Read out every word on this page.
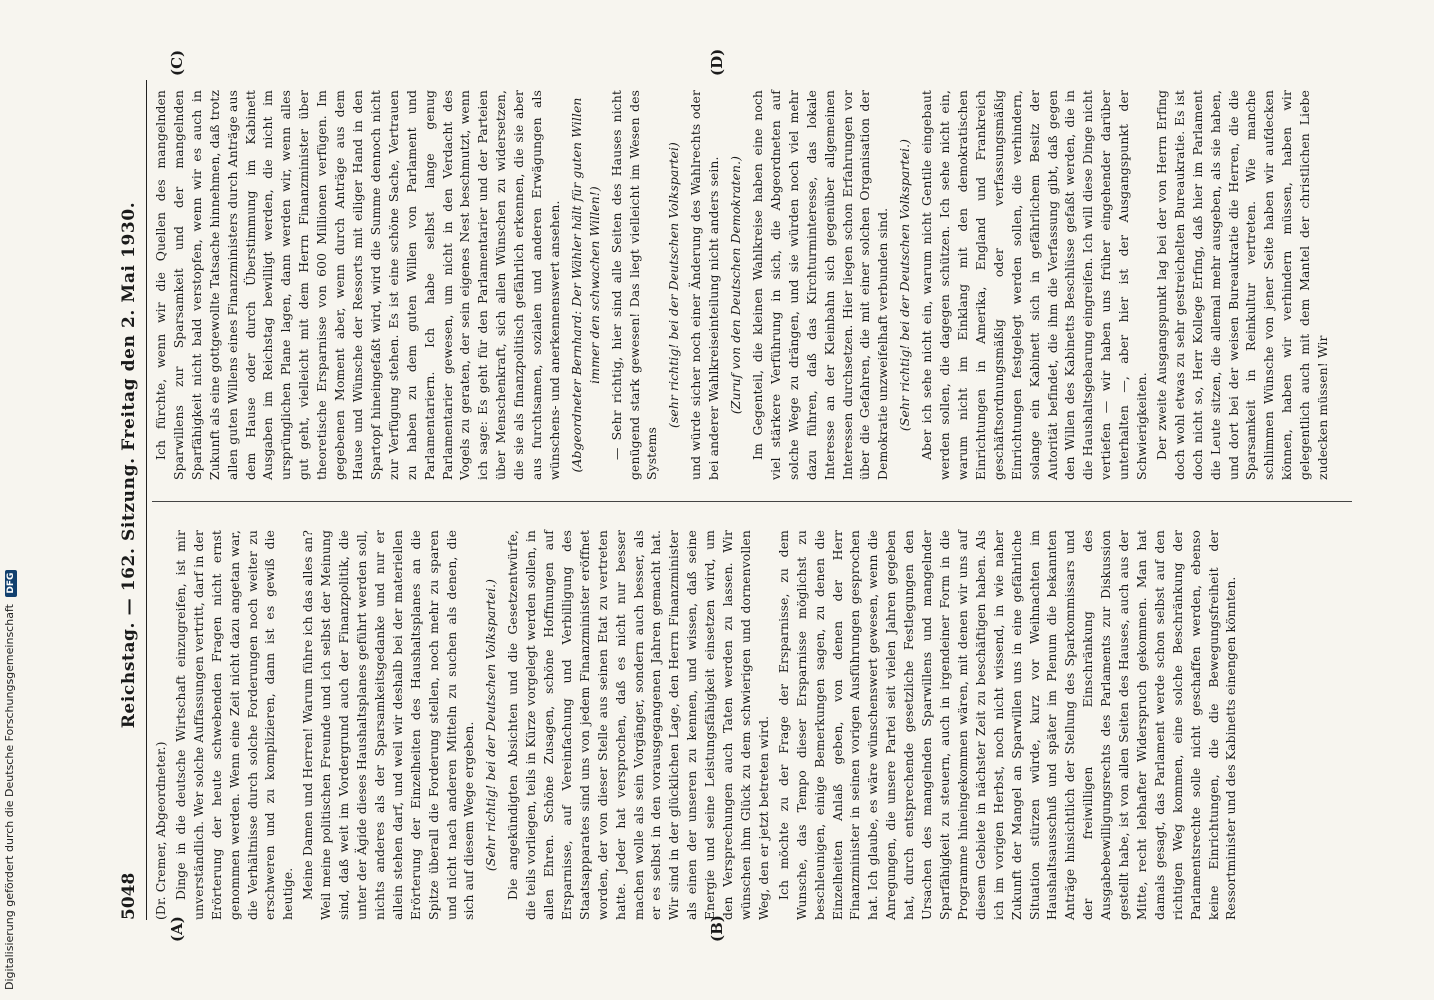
5048
Reichstag. — 162. Sitzung. Freitag den 2. Mai 1930.
(A)	(B)
(C)	(D)

(Dr. Cremer, Abgeordneter.) Dinge in die deutsche Wirtschaft einzugreifen, ist mir unverständlich. Wer solche Auffassungen vertritt, darf in der Erörterung der heute schwebenden Fragen nicht ernst genommen werden. Wenn eine Zeit nicht dazu angetan war, die Verhältnisse durch solche Forderungen noch weiter zu erschweren und zu komplizieren, dann ist es gewiß die heutige. Meine Damen und Herren! Warum führe ich das alles an? Weil meine politischen Freunde und ich selbst der Meinung sind, daß weit im Vordergrund auch der Finanzpolitik, die unter der Ägide dieses Haushaltsplanes geführt werden soll, nichts anderes als der Sparsamkeitsgedanke und nur er allein stehen darf, und weil wir deshalb bei der materiellen Erörterung der Einzelheiten des Haushaltsplanes an die Spitze überall die Forderung stellen, noch mehr zu sparen und nicht nach anderen Mitteln zu suchen als denen, die sich auf diesem Wege ergeben. (Sehr richtig! bei der Deutschen Volkspartei.) Die angekündigten Absichten und die Gesetzentwürfe, die teils vorliegen, teils in Kürze vorgelegt werden sollen, in allen Ehren. Schöne Zusagen, schöne Hoffnungen auf Ersparnisse, auf Vereinfachung und Verbilligung des Staatsapparates sind uns von jedem Finanzminister eröffnet worden, der von dieser Stelle aus seinen Etat zu vertreten hatte. Jeder hat versprochen, daß es nicht nur besser machen wolle als sein Vorgänger, sondern auch besser, als er es selbst in den vorausgegangenen Jahren gemacht hat. Wir sind in der glücklichen Lage, den Herrn Finanzminister als einen der unseren zu kennen, und wissen, daß seine Energie und seine Leistungsfähigkeit einsetzen wird, um den Versprechungen auch Taten werden zu lassen. Wir wünschen ihm Glück zu dem schwierigen und dornenvollen Weg, den er jetzt betreten wird. Ich möchte zu der Frage der Ersparnisse, zu dem Wunsche, das Tempo dieser Ersparnisse möglichst zu beschleunigen, einige Bemerkungen sagen, zu denen die Einzelheiten Anlaß geben, von denen der Herr Finanzminister in seinen vorigen Ausführungen gesprochen hat. Ich glaube, es wäre wünschenswert gewesen, wenn die Anregungen, die unsere Partei seit vielen Jahren gegeben hat, durch entsprechende gesetzliche Festlegungen den Ursachen des mangelnden Sparwillens und mangelnder Sparfähigkeit zu steuern, auch in irgendeiner Form in die Programme hineingekommen wären, mit denen wir uns auf diesem Gebiete in nächster Zeit zu beschäftigen haben. Als ich im vorigen Herbst, noch nicht wissend, in wie naher Zukunft der Mangel an Sparwillen uns in eine gefährliche Situation stürzen würde, kurz vor Weihnachten im Haushaltsausschuß und später im Plenum die bekannten Anträge hinsichtlich der Stellung des Sparkommissars und der freiwilligen Einschränkung des Ausgabebewilligungsrechts des Parlaments zur Diskussion gestellt habe, ist von allen Seiten des Hauses, auch aus der Mitte, recht lebhafter Widerspruch gekommen. Man hat damals gesagt, das Parlament werde schon selbst auf den richtigen Weg kommen, eine solche Beschränkung der Parlamentsrechte solle nicht geschaffen werden, ebenso keine Einrichtungen, die die Bewegungsfreiheit der Ressortminister und des Kabinetts einengen könnten.

Ich fürchte, wenn wir die Quellen des mangelnden Sparwillens zur Sparsamkeit und der mangelnden Sparfähigkeit nicht bald verstopfen, wenn wir es auch in Zukunft als eine gottgewollte Tatsache hinnehmen, daß trotz allen guten Willens eines Finanzministers durch Anträge aus dem Hause oder durch Überstimmung im Kabinett Ausgaben im Reichstag bewilligt werden, die nicht im ursprünglichen Plane lagen, dann werden wir, wenn alles gut geht, vielleicht mit dem Herrn Finanzminister über theoretische Ersparnisse von 600 Millionen verfügen. Im gegebenen Moment aber, wenn durch Anträge aus dem Hause und Wünsche der Ressorts mit eiliger Hand in den Spartopf hineingefaßt wird, wird die Summe dennoch nicht zur Verfügung stehen. Es ist eine schöne Sache, Vertrauen zu haben zu dem guten Willen von Parlament und Parlamentariern. Ich habe selbst lange genug Parlamentarier gewesen, um nicht in den Verdacht des Vogels zu geraten, der sein eigenes Nest beschmutzt, wenn ich sage: Es geht für den Parlamentarier und der Parteien über Menschenkraft, sich allen Wünschen zu widersetzen, die sie als finanzpolitisch gefährlich erkennen, die sie aber aus furchtsamen, sozialen und anderen Erwägungen als wünschens- und anerkennenswert ansehen. (Abgeordneter Bernhard: Der Wähler hält für guten Willen immer den schwachen Willen!) — Sehr richtig, hier sind alle Seiten des Hauses nicht genügend stark gewesen! Das liegt vielleicht im Wesen des Systems

(sehr richtig! bei der Deutschen Volkspartei) und würde sicher noch einer Änderung des Wahlrechts oder bei anderer Wahlkreiseinteilung nicht anders sein. (Zuruf von den Deutschen Demokraten.) Im Gegenteil, die kleinen Wahlkreise haben eine noch viel stärkere Verführung in sich, die Abgeordneten auf solche Wege zu drängen, und sie würden noch viel mehr dazu führen, daß das Kirchturminteresse, das lokale Interesse an der Kleinbahn sich gegenüber allgemeinen Interessen durchsetzen. Hier liegen schon Erfahrungen vor über die Gefahren, die mit einer solchen Organisation der Demokratie unzweifelhaft verbunden sind. (Sehr richtig! bei der Deutschen Volkspartei.) Aber ich sehe nicht ein, warum nicht Gentile eingebaut werden sollen, die dagegen schützen. Ich sehe nicht ein, warum nicht im Einklang mit den demokratischen Einrichtungen in Amerika, England und Frankreich geschäftsordnungsmäßig oder verfassungsmäßig Einrichtungen festgelegt werden sollen, die verhindern, solange ein Kabinett sich in gefährlichem Besitz der Autorität befindet, die ihm die Verfassung gibt, daß gegen den Willen des Kabinetts Beschlüsse gefaßt werden, die in die Haushaltsgebarung eingreifen. Ich will diese Dinge nicht vertiefen — wir haben uns früher eingehender darüber unterhalten —, aber hier ist der Ausgangspunkt der Schwierigkeiten. Der zweite Ausgangspunkt lag bei der von Herrn Erfing doch wohl etwas zu sehr gestreichelten Bureaukratie. Es ist doch nicht so, Herr Kollege Erfing, daß hier im Parlament die Leute sitzen, die allemal mehr ausgeben, als sie haben, und dort bei der weisen Bureaukratie die Herren, die die Sparsamkeit in Reinkultur vertreten. Wie manche schlimmen Wünsche von jener Seite haben wir aufdecken können, haben wir verhindern müssen, haben wir gelegentlich auch mit dem Mantel der christlichen Liebe zudecken müssen! Wir

Digitalisierung gefördert durch die Deutsche Forschungsgemeinschaft DFG
